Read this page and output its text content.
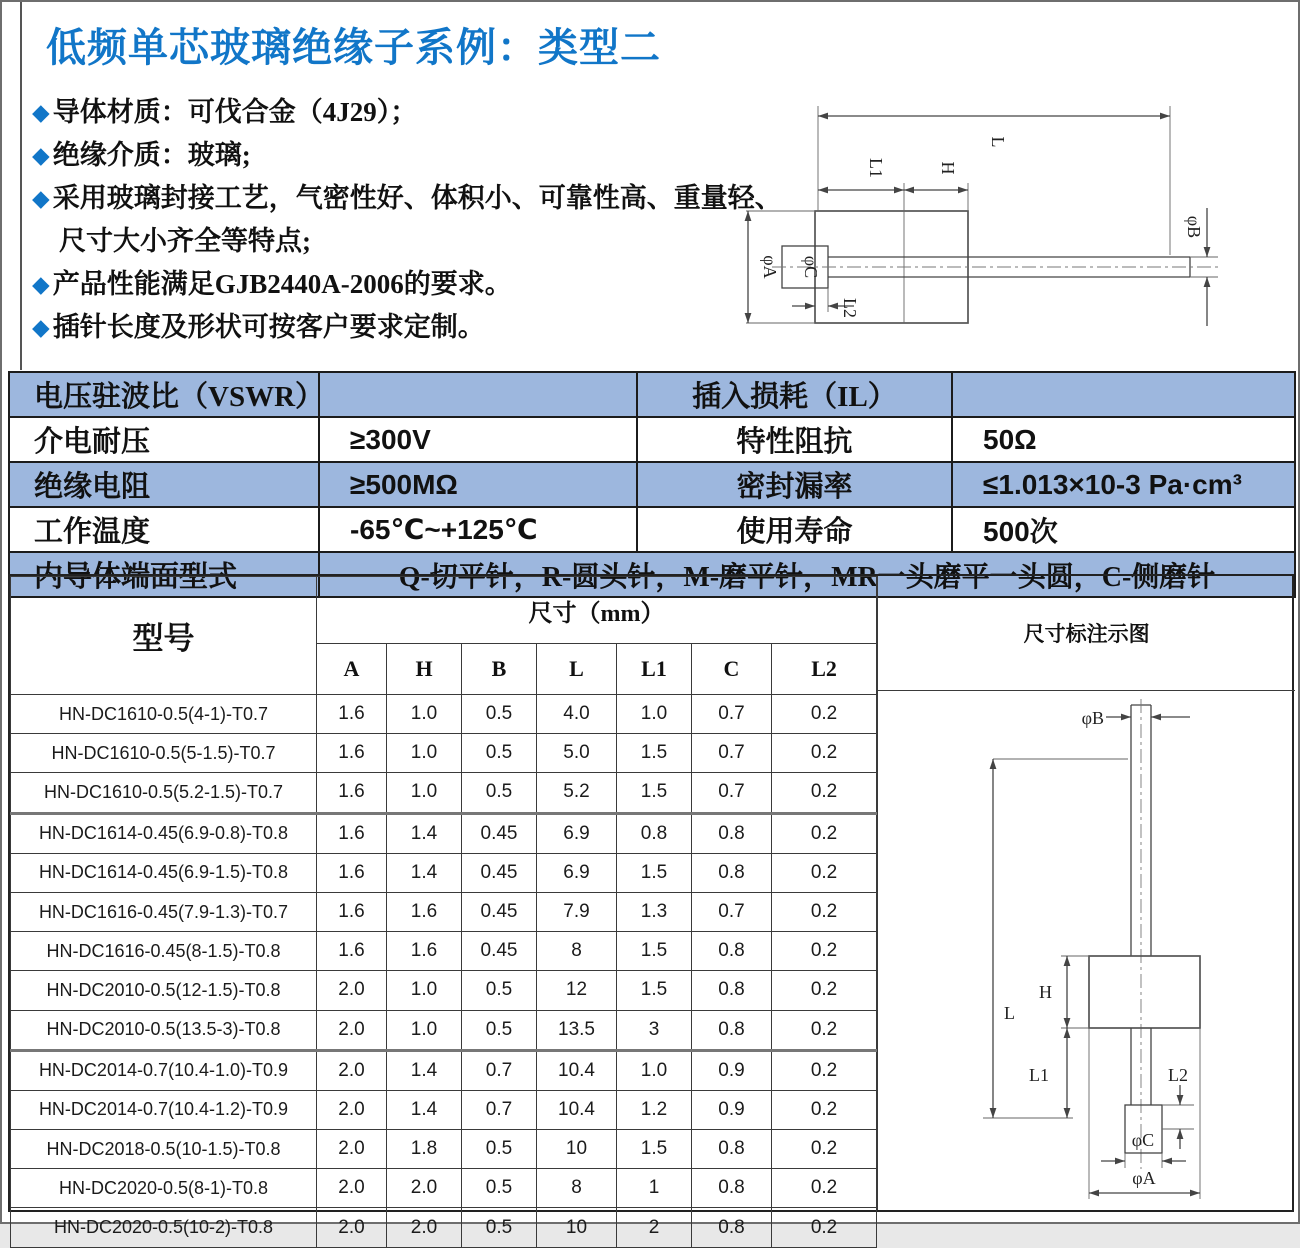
低频单芯玻璃绝缘子系例：类型二
◆ 导体材质：可伐合金（4J29）；
◆ 绝缘介质：玻璃;
◆ 采用玻璃封接工艺，气密性好、体积小、可靠性高、重量轻、
尺寸大小齐全等特点;
◆ 产品性能满足GJB2440A-2006的要求。
◆ 插针长度及形状可按客户要求定制。
L
L1	H
φA φC
L2
φB
电压驻波比（VSWR）		插入损耗（IL）	
介电耐压	≥300V	特性阻抗	50Ω
绝缘电阻	≥500MΩ	密封漏率	≤1.013×10-3 Pa·cm³
工作温度	-65℃~+125℃	使用寿命	500次
内导体端面型式	Q-切平针，R-圆头针，M-磨平针，MR一头磨平一头圆，C-侧磨针		
型号	尺寸（mm）						
	A	H	B	L	L1	C	L2
HN-DC1610-0.5(4-1)-T0.7	1.6	1.0	0.5	4.0	1.0	0.7	0.2
HN-DC1610-0.5(5-1.5)-T0.7	1.6	1.0	0.5	5.0	1.5	0.7	0.2
HN-DC1610-0.5(5.2-1.5)-T0.7	1.6	1.0	0.5	5.2	1.5	0.7	0.2
HN-DC1614-0.45(6.9-0.8)-T0.8	1.6	1.4	0.45	6.9	0.8	0.8	0.2
HN-DC1614-0.45(6.9-1.5)-T0.8	1.6	1.4	0.45	6.9	1.5	0.8	0.2
HN-DC1616-0.45(7.9-1.3)-T0.7	1.6	1.6	0.45	7.9	1.3	0.7	0.2
HN-DC1616-0.45(8-1.5)-T0.8	1.6	1.6	0.45	8	1.5	0.8	0.2
HN-DC2010-0.5(12-1.5)-T0.8	2.0	1.0	0.5	12	1.5	0.8	0.2
HN-DC2010-0.5(13.5-3)-T0.8	2.0	1.0	0.5	13.5	3	0.8	0.2
HN-DC2014-0.7(10.4-1.0)-T0.9	2.0	1.4	0.7	10.4	1.0	0.9	0.2
HN-DC2014-0.7(10.4-1.2)-T0.9	2.0	1.4	0.7	10.4	1.2	0.9	0.2
HN-DC2018-0.5(10-1.5)-T0.8	2.0	1.8	0.5	10	1.5	0.8	0.2
HN-DC2020-0.5(8-1)-T0.8	2.0	2.0	0.5	8	1	0.8	0.2
HN-DC2020-0.5(10-2)-T0.8	2.0	2.0	0.5	10	2	0.8	0.2
尺寸标注示图
φB
L
H
L1
φC
L2
φA
